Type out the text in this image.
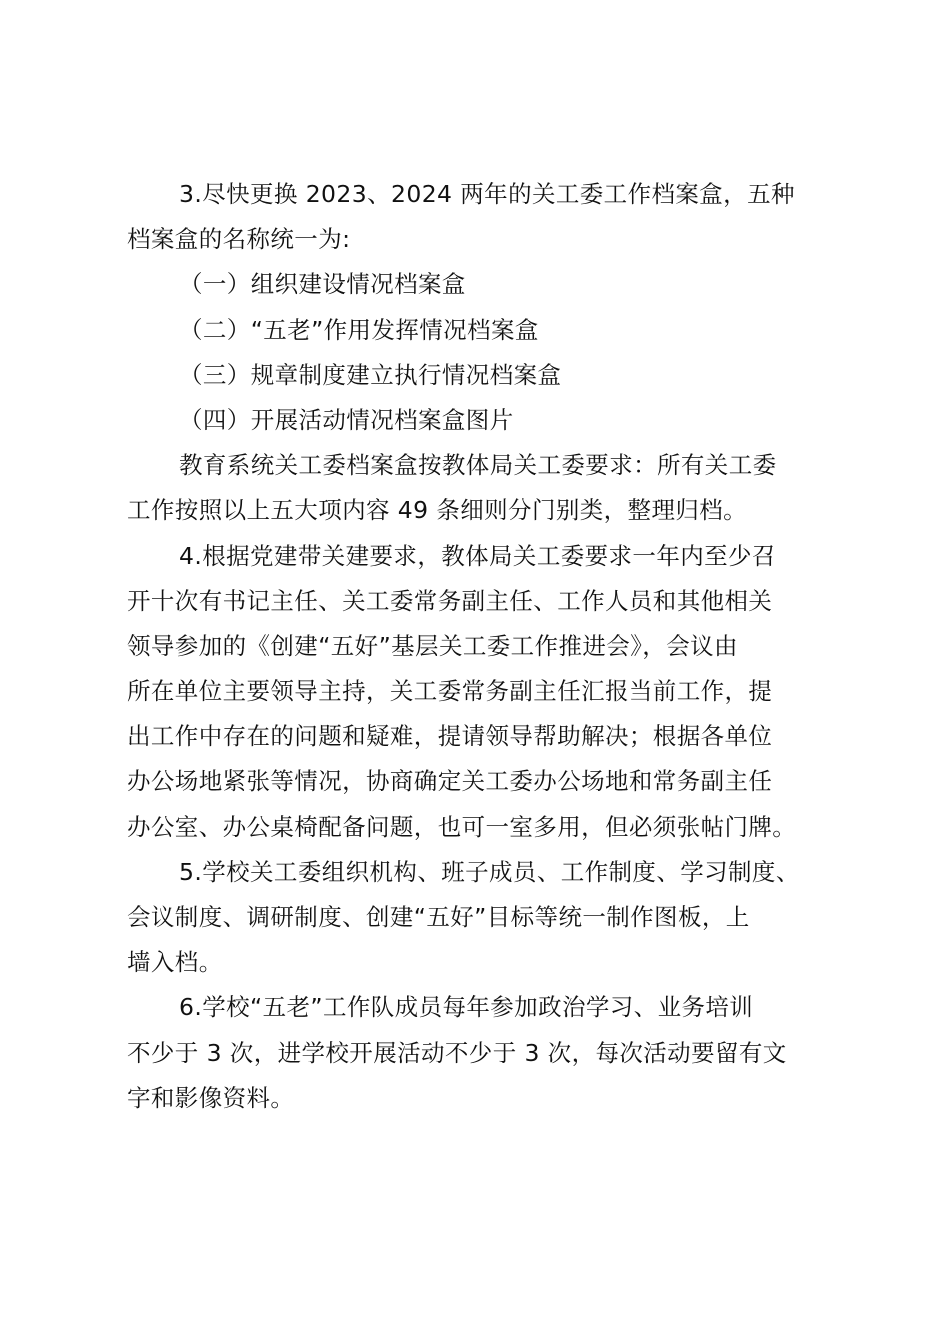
3.尽快更换 2023、2024 两年的关工委工作档案盒，五种
档案盒的名称统一为:
（一）组织建设情况档案盒
（二）“五老”作用发挥情况档案盒
（三）规章制度建立执行情况档案盒
（四）开展活动情况档案盒图片
教育系统关工委档案盒按教体局关工委要求：所有关工委
工作按照以上五大项内容 49 条细则分门别类，整理归档。
4.根据党建带关建要求，教体局关工委要求一年内至少召
开十次有书记主任、关工委常务副主任、工作人员和其他相关
领导参加的《创建“五好”基层关工委工作推进会》，会议由
所在单位主要领导主持，关工委常务副主任汇报当前工作，提
出工作中存在的问题和疑难，提请领导帮助解决；根据各单位
办公场地紧张等情况，协商确定关工委办公场地和常务副主任
办公室、办公桌椅配备问题，也可一室多用，但必须张帖门牌。
5.学校关工委组织机构、班子成员、工作制度、学习制度、
会议制度、调研制度、创建“五好”目标等统一制作图板，上
墙入档。
6.学校“五老”工作队成员每年参加政治学习、业务培训
不少于 3 次，进学校开展活动不少于 3 次，每次活动要留有文
字和影像资料。
